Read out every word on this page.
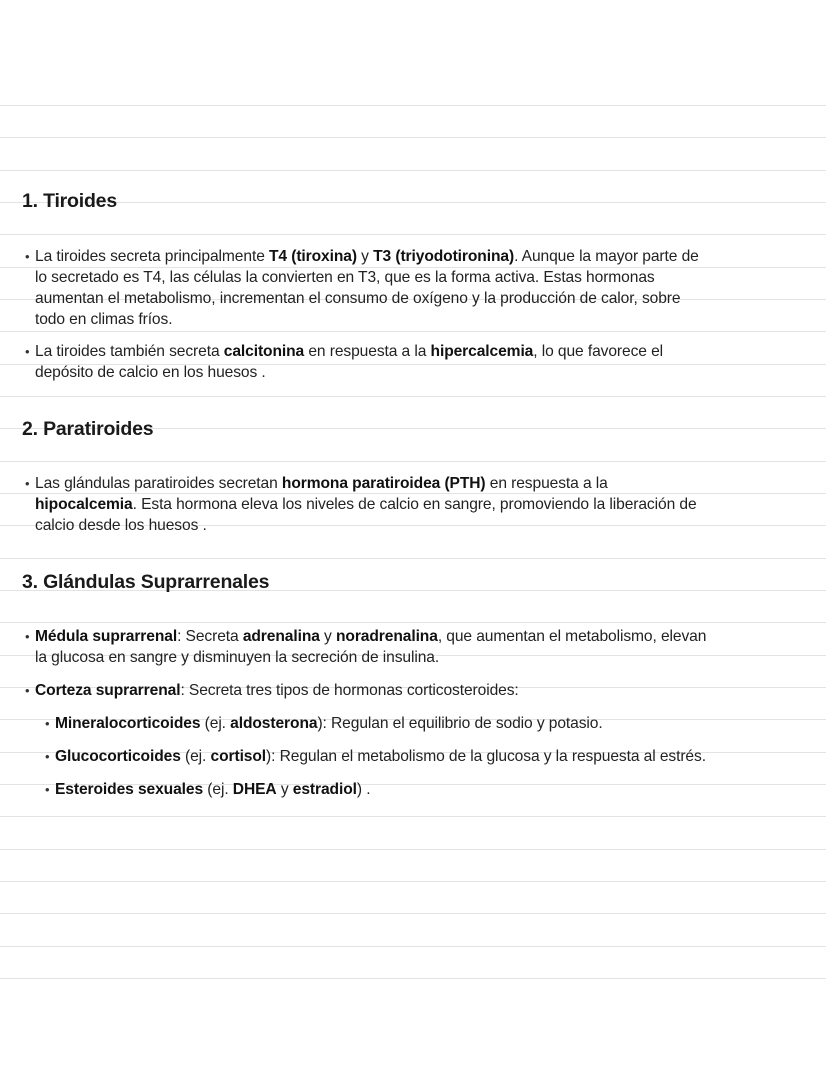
1. Tiroides
• La tiroides secreta principalmente T4 (tiroxina) y T3 (triyodotironina). Aunque la mayor parte de
lo secretado es T4, las células la convierten en T3, que es la forma activa. Estas hormonas
aumentan el metabolismo, incrementan el consumo de oxígeno y la producción de calor, sobre
todo en climas fríos.
• La tiroides también secreta calcitonina en respuesta a la hipercalcemia, lo que favorece el
depósito de calcio en los huesos .
2. Paratiroides
• Las glándulas paratiroides secretan hormona paratiroidea (PTH) en respuesta a la
hipocalcemia. Esta hormona eleva los niveles de calcio en sangre, promoviendo la liberación de
calcio desde los huesos .
3. Glándulas Suprarrenales
• Médula suprarrenal: Secreta adrenalina y noradrenalina, que aumentan el metabolismo, elevan
la glucosa en sangre y disminuyen la secreción de insulina.
• Corteza suprarrenal: Secreta tres tipos de hormonas corticosteroides:
• Mineralocorticoides (ej. aldosterona): Regulan el equilibrio de sodio y potasio.
• Glucocorticoides (ej. cortisol): Regulan el metabolismo de la glucosa y la respuesta al estrés.
• Esteroides sexuales (ej. DHEA y estradiol) .
